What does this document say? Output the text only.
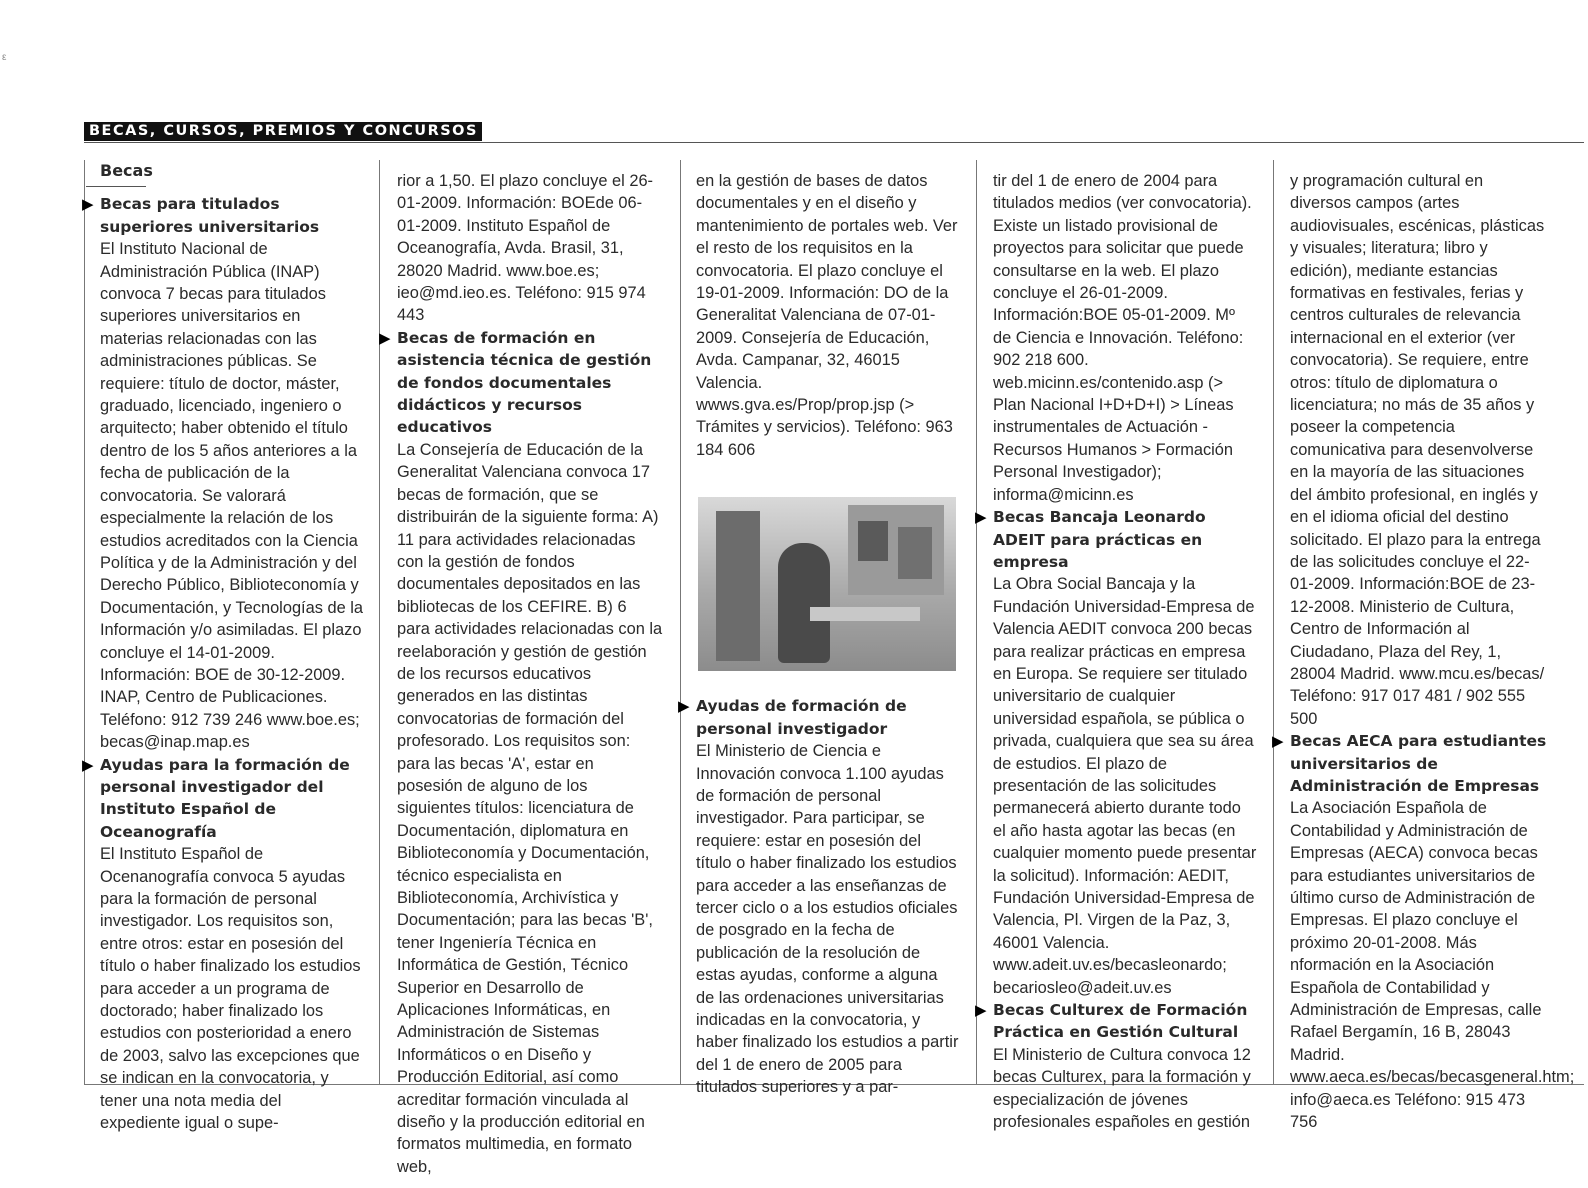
ε
BECAS, CURSOS, PREMIOS Y CONCURSOS
Becas

▶ Becas para titulados superiores universitarios

El Instituto Nacional de Administración Pública (INAP) convoca 7 becas para titulados superiores universitarios en materias relacionadas con las administraciones públicas. Se requiere: título de doctor, máster, graduado, licenciado, ingeniero o arquitecto; haber obtenido el título dentro de los 5 años anteriores a la fecha de publicación de la convocatoria. Se valorará especialmente la relación de los estudios acreditados con la Ciencia Política y de la Administración y del Derecho Público, Biblioteconomía y Documentación, y Tecnologías de la Información y/o asimiladas. El plazo concluye el 14-01-2009. Información: BOE de 30-12-2009. INAP, Centro de Publicaciones. Teléfono: 912 739 246 www.boe.es; becas@inap.map.es

▶ Ayudas para la formación de personal investigador del Instituto Español de Oceanografía

El Instituto Español de Ocenanografía convoca 5 ayudas para la formación de personal investigador. Los requisitos son, entre otros: estar en posesión del título o haber finalizado los estudios para acceder a un programa de doctorado; haber finalizado los estudios con posterioridad a enero de 2003, salvo las excepciones que se indican en la convocatoria, y tener una nota media del expediente igual o supe-

rior a 1,50. El plazo concluye el 26-01-2009. Información: BOEde 06-01-2009. Instituto Español de Oceanografía, Avda. Brasil, 31, 28020 Madrid. www.boe.es; ieo@md.ieo.es. Teléfono: 915 974 443

▶ Becas de formación en asistencia técnica de gestión de fondos documentales didácticos y recursos educativos

La Consejería de Educación de la Generalitat Valenciana convoca 17 becas de formación, que se distribuirán de la siguiente forma: A) 11 para actividades relacionadas con la gestión de fondos documentales depositados en las bibliotecas de los CEFIRE. B) 6 para actividades relacionadas con la reelaboración y gestión de gestión de los recursos educativos generados en las distintas convocatorias de formación del profesorado. Los requisitos son: para las becas 'A', estar en posesión de alguno de los siguientes títulos: licenciatura de Documentación, diplomatura en Biblioteconomía y Documentación, técnico especialista en Biblioteconomía, Archivística y Documentación; para las becas 'B', tener Ingeniería Técnica en Informática de Gestión, Técnico Superior en Desarrollo de Aplicaciones Informáticas, en Administración de Sistemas Informáticos o en Diseño y Producción Editorial, así como acreditar formación vinculada al diseño y la producción editorial en formatos multimedia, en formato web,

en la gestión de bases de datos documentales y en el diseño y mantenimiento de portales web. Ver el resto de los requisitos en la convocatoria. El plazo concluye el 19-01-2009. Información: DO de la Generalitat Valenciana de 07-01-2009. Consejería de Educación, Avda. Campanar, 32, 46015 Valencia. wwws.gva.es/Prop/prop.jsp (> Trámites y servicios). Teléfono: 963 184 606

▶ Ayudas de formación de personal investigador

El Ministerio de Ciencia e Innovación convoca 1.100 ayudas de formación de personal investigador. Para participar, se requiere: estar en posesión del título o haber finalizado los estudios para acceder a las enseñanzas de tercer ciclo o a los estudios oficiales de posgrado en la fecha de publicación de la resolución de estas ayudas, conforme a alguna de las ordenaciones universitarias indicadas en la convocatoria, y haber finalizado los estudios a partir del 1 de enero de 2005 para titulados superiores y a par-

tir del 1 de enero de 2004 para titulados medios (ver convocatoria). Existe un listado provisional de proyectos para solicitar que puede consultarse en la web. El plazo concluye el 26-01-2009. Información:BOE 05-01-2009. Mº de Ciencia e Innovación. Teléfono: 902 218 600. web.micinn.es/contenido.asp (> Plan Nacional I+D+D+I) > Líneas instrumentales de Actuación - Recursos Humanos > Formación Personal Investigador); informa@micinn.es

▶ Becas Bancaja Leonardo ADEIT para prácticas en empresa

La Obra Social Bancaja y la Fundación Universidad-Empresa de Valencia AEDIT convoca 200 becas para realizar prácticas en empresa en Europa. Se requiere ser titulado universitario de cualquier universidad española, se pública o privada, cualquiera que sea su área de estudios. El plazo de presentación de las solicitudes permanecerá abierto durante todo el año hasta agotar las becas (en cualquier momento puede presentar la solicitud). Información: AEDIT, Fundación Universidad-Empresa de Valencia, Pl. Virgen de la Paz, 3, 46001 Valencia. www.adeit.uv.es/becasleonardo; becariosleo@adeit.uv.es

▶ Becas Culturex de Formación Práctica en Gestión Cultural

El Ministerio de Cultura convoca 12 becas Culturex, para la formación y especialización de jóvenes profesionales españoles en gestión

y programación cultural en diversos campos (artes audiovisuales, escénicas, plásticas y visuales; literatura; libro y edición), mediante estancias formativas en festivales, ferias y centros culturales de relevancia internacional en el exterior (ver convocatoria). Se requiere, entre otros: título de diplomatura o licenciatura; no más de 35 años y poseer la competencia comunicativa para desenvolverse en la mayoría de las situaciones del ámbito profesional, en inglés y en el idioma oficial del destino solicitado. El plazo para la entrega de las solicitudes concluye el 22-01-2009. Información:BOE de 23-12-2008. Ministerio de Cultura, Centro de Información al Ciudadano, Plaza del Rey, 1, 28004 Madrid. www.mcu.es/becas/ Teléfono: 917 017 481 / 902 555 500

▶ Becas AECA para estudiantes universitarios de Administración de Empresas

La Asociación Española de Contabilidad y Administración de Empresas (AECA) convoca becas para estudiantes universitarios de último curso de Administración de Empresas. El plazo concluye el próximo 20-01-2008. Más nformación en la Asociación Española de Contabilidad y Administración de Empresas, calle Rafael Bergamín, 16 B, 28043 Madrid. www.aeca.es/becas/becasgeneral.htm; info@aeca.es Teléfono: 915 473 756
